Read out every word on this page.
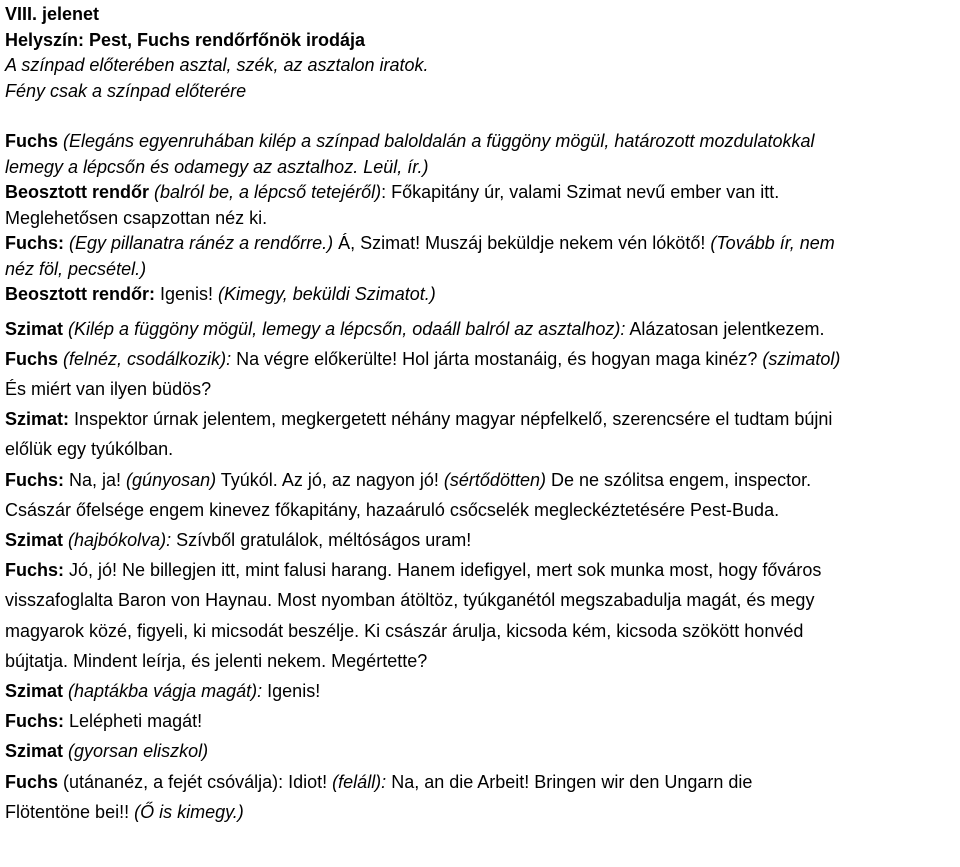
VIII. jelenet
Helyszín: Pest, Fuchs rendőrfőnök irodája
A színpad előterében asztal, szék, az asztalon iratok.
Fény csak a színpad előterére
Fuchs (Elegáns egyenruhában kilép a színpad baloldalán a függöny mögül, határozott mozdulatokkal
lemegy a lépcsőn és odamegy az asztalhoz. Leül, ír.)
Beosztott rendőr (balról be, a lépcső tetejéről): Főkapitány úr, valami Szimat nevű ember van itt.
Meglehetősen csapzottan néz ki.
Fuchs: (Egy pillanatra ránéz a rendőrre.) Á, Szimat! Muszáj beküldje nekem vén lókötő! (Tovább ír, nem
néz föl, pecsétel.)
Beosztott rendőr: Igenis! (Kimegy, beküldi Szimatot.)
Szimat (Kilép a függöny mögül, lemegy a lépcsőn, odaáll balról az asztalhoz): Alázatosan jelentkezem.
Fuchs (felnéz, csodálkozik): Na végre előkerülte! Hol járta mostanáig, és hogyan maga kinéz? (szimatol)
És miért van ilyen büdös?
Szimat: Inspektor úrnak jelentem, megkergetett néhány magyar népfelkelő, szerencsére el tudtam bújni
előlük egy tyúkólban.
Fuchs: Na, ja! (gúnyosan) Tyúkól. Az jó, az nagyon jó! (sértődötten) De ne szólitsa engem, inspector.
Császár őfelsége engem kinevez főkapitány, hazaáruló csőcselék megleckéztetésére Pest-Buda.
Szimat (hajbókolva): Szívből gratulálok, méltóságos uram!
Fuchs: Jó, jó! Ne billegjen itt, mint falusi harang. Hanem idefigyel, mert sok munka most, hogy főváros
visszafoglalta Baron von Haynau. Most nyomban átöltöz, tyúkganétól megszabadulja magát, és megy
magyarok közé, figyeli, ki micsodát beszélje. Ki császár árulja, kicsoda kém, kicsoda szökött honvéd
bújtatja. Mindent leírja, és jelenti nekem. Megértette?
Szimat (haptákba vágja magát): Igenis!
Fuchs: Lelépheti magát!
Szimat (gyorsan eliszkol)
Fuchs (utánanéz, a fejét csóválja): Idiot! (feláll): Na, an die Arbeit! Bringen wir den Ungarn die
Flötentöne bei!! (Ő is kimegy.)
